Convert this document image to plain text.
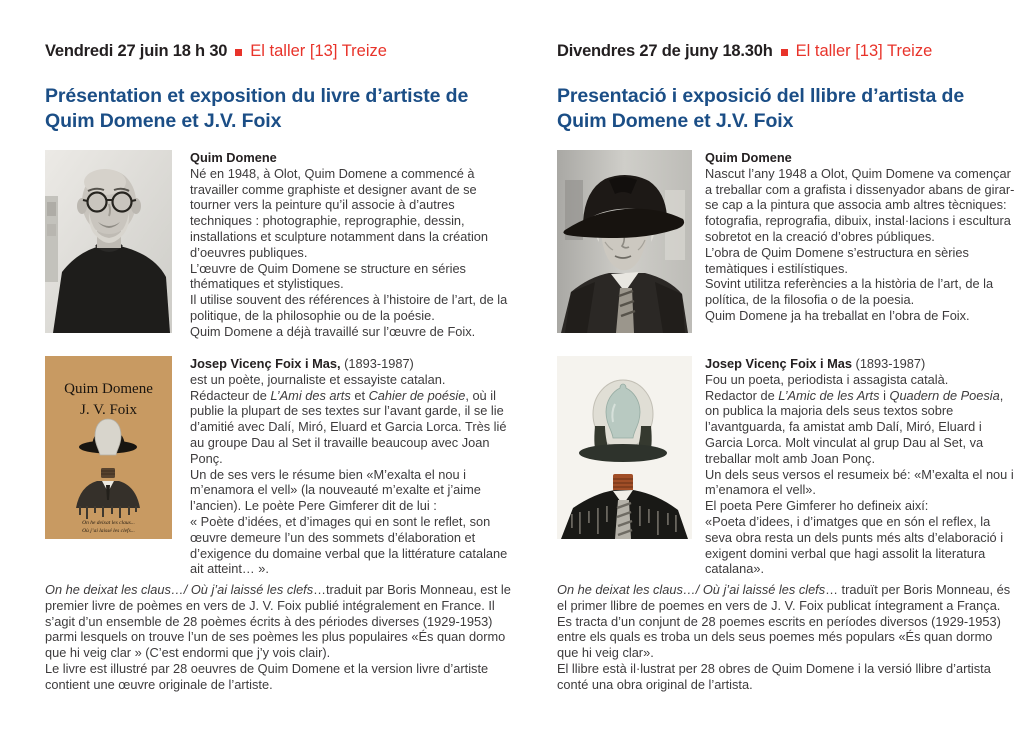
Vendredi 27 juin 18 h 30 El taller [13] Treize
Présentation et exposition du livre d’artiste de
Quim Domene et J.V. Foix
Quim Domene
Né en 1948, à Olot, Quim Domene a commencé à travailler comme graphiste et designer avant de se tourner vers la peinture qu’il associe à d’autres techniques : photographie, reprographie, dessin, installations et sculpture notamment dans la création d’oeuvres publiques.
L’œuvre de Quim Domene se structure en séries thématiques et stylistiques.
Il utilise souvent des références à l’histoire de l’art, de la politique, de la philosophie ou de la poésie.
Quim Domene a déjà travaillé sur l’œuvre de Foix.
Quim Domene
J. V. Foix
On he deixat les claus...
Où j’ai laissé les clefs...
Josep Vicenç Foix i Mas, (1893-1987)
est un poète, journaliste et essayiste catalan.
Rédacteur de L’Ami des arts et Cahier de poésie, où il publie la plupart de ses textes sur l’avant garde, il se lie d’amitié avec Dalí, Miró, Eluard et Garcia Lorca. Très lié au groupe Dau al Set il travaille beaucoup avec Joan Ponç.
Un de ses vers le résume bien «M’exalta el nou i m’enamora el vell» (la nouveauté m’exalte et j’aime l’ancien). Le poète Pere Gimferer dit de lui :
« Poète d’idées, et d’images qui en sont le reflet, son œuvre demeure l’un des sommets d’élaboration et d’exigence du domaine verbal que la littérature catalane ait atteint… ».
On he deixat les claus…/ Où j’ai laissé les clefs…traduit par Boris Monneau, est le premier livre de poèmes en vers de J. V. Foix publié intégralement en France. Il s’agit d’un ensemble de 28 poèmes écrits à des périodes diverses (1929-1953) parmi lesquels on trouve l’un de ses poèmes les plus populaires «És quan dormo que hi veig clar » (C’est endormi que j’y vois clair).
Le livre est illustré par 28 oeuvres de Quim Domene et la version livre d’artiste contient une œuvre originale de l’artiste.
Divendres 27 de juny 18.30h El taller [13] Treize
Presentació i exposició del llibre d’artista de
Quim Domene et J.V. Foix
Quim Domene
Nascut l’any 1948 a Olot, Quim Domene va començar a treballar com a grafista i dissenyador abans de girar-se cap a la pintura que associa amb altres tècniques: fotografia, reprografia, dibuix, instal·lacions i escultura sobretot en la creació d’obres públiques.
L’obra de Quim Domene s’estructura en sèries temàtiques i estilístiques.
Sovint utilitza referències a la història de l’art, de la política, de la filosofia o de la poesia.
Quim Domene ja ha treballat en l’obra de Foix.
Josep Vicenç Foix i Mas (1893-1987)
Fou un poeta, periodista i assagista català.
Redactor de L’Amic de les Arts i Quadern de Poesia, on publica la majoria dels seus textos sobre l’avantguarda, fa amistat amb Dalí, Miró, Eluard i Garcia Lorca. Molt vinculat al grup Dau al Set, va treballar molt amb Joan Ponç.
Un dels seus versos el resumeix bé: «M’exalta el nou i m’enamora el vell».
El poeta Pere Gimferer ho defineix així:
«Poeta d’idees, i d’imatges que en són el reflex, la seva obra resta un dels punts més alts d’elaboració i exigent domini verbal que hagi assolit la literatura catalana».
On he deixat les claus…/ Où j’ai laissé les clefs… traduït per Boris Monneau, és el primer llibre de poemes en vers de J. V. Foix publicat íntegrament a França. Es tracta d’un conjunt de 28 poemes escrits en períodes diversos (1929-1953) entre els quals es troba un dels seus poemes més populars «És quan dormo que hi veig clar».
El llibre està il·lustrat per 28 obres de Quim Domene i la versió llibre d’artista conté una obra original de l’artista.
